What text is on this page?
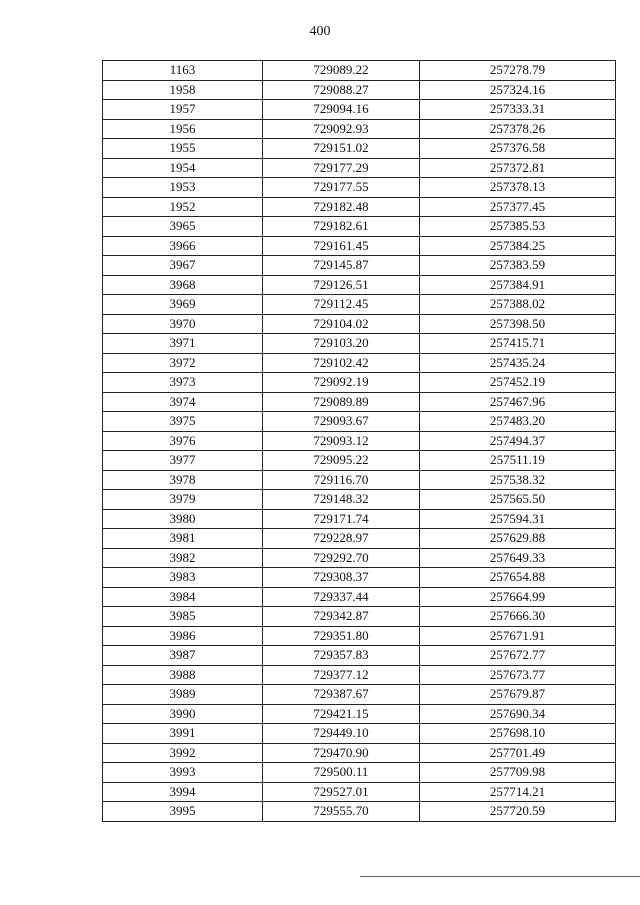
400
1163	729089.22	257278.79
1958	729088.27	257324.16
1957	729094.16	257333.31
1956	729092.93	257378.26
1955	729151.02	257376.58
1954	729177.29	257372.81
1953	729177.55	257378.13
1952	729182.48	257377.45
3965	729182.61	257385.53
3966	729161.45	257384.25
3967	729145.87	257383.59
3968	729126.51	257384.91
3969	729112.45	257388.02
3970	729104.02	257398.50
3971	729103.20	257415.71
3972	729102.42	257435.24
3973	729092.19	257452.19
3974	729089.89	257467.96
3975	729093.67	257483.20
3976	729093.12	257494.37
3977	729095.22	257511.19
3978	729116.70	257538.32
3979	729148.32	257565.50
3980	729171.74	257594.31
3981	729228.97	257629.88
3982	729292.70	257649.33
3983	729308.37	257654.88
3984	729337.44	257664.99
3985	729342.87	257666.30
3986	729351.80	257671.91
3987	729357.83	257672.77
3988	729377.12	257673.77
3989	729387.67	257679.87
3990	729421.15	257690.34
3991	729449.10	257698.10
3992	729470.90	257701.49
3993	729500.11	257709.98
3994	729527.01	257714.21
3995	729555.70	257720.59
